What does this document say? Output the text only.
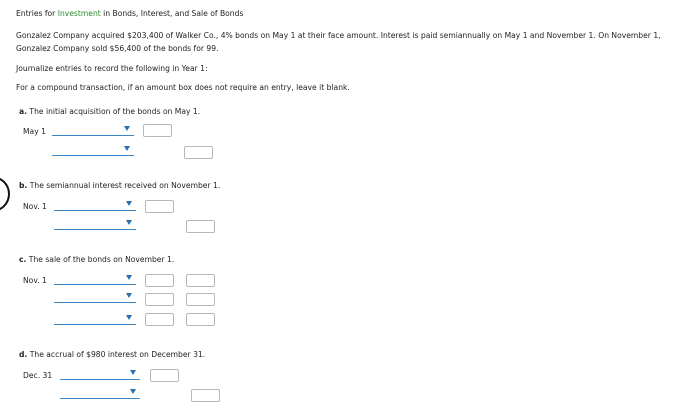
Entries for Investment in Bonds, Interest, and Sale of Bonds
Gonzalez Company acquired $203,400 of Walker Co., 4% bonds on May 1 at their face amount. Interest is paid semiannually on May 1 and November 1. On November 1,
Gonzalez Company sold $56,400 of the bonds for 99.
Journalize entries to record the following in Year 1:
For a compound transaction, if an amount box does not require an entry, leave it blank.
a. The initial acquisition of the bonds on May 1.
May 1
b. The semiannual interest received on November 1.
Nov. 1
c. The sale of the bonds on November 1.
Nov. 1
d. The accrual of $980 interest on December 31.
Dec. 31
